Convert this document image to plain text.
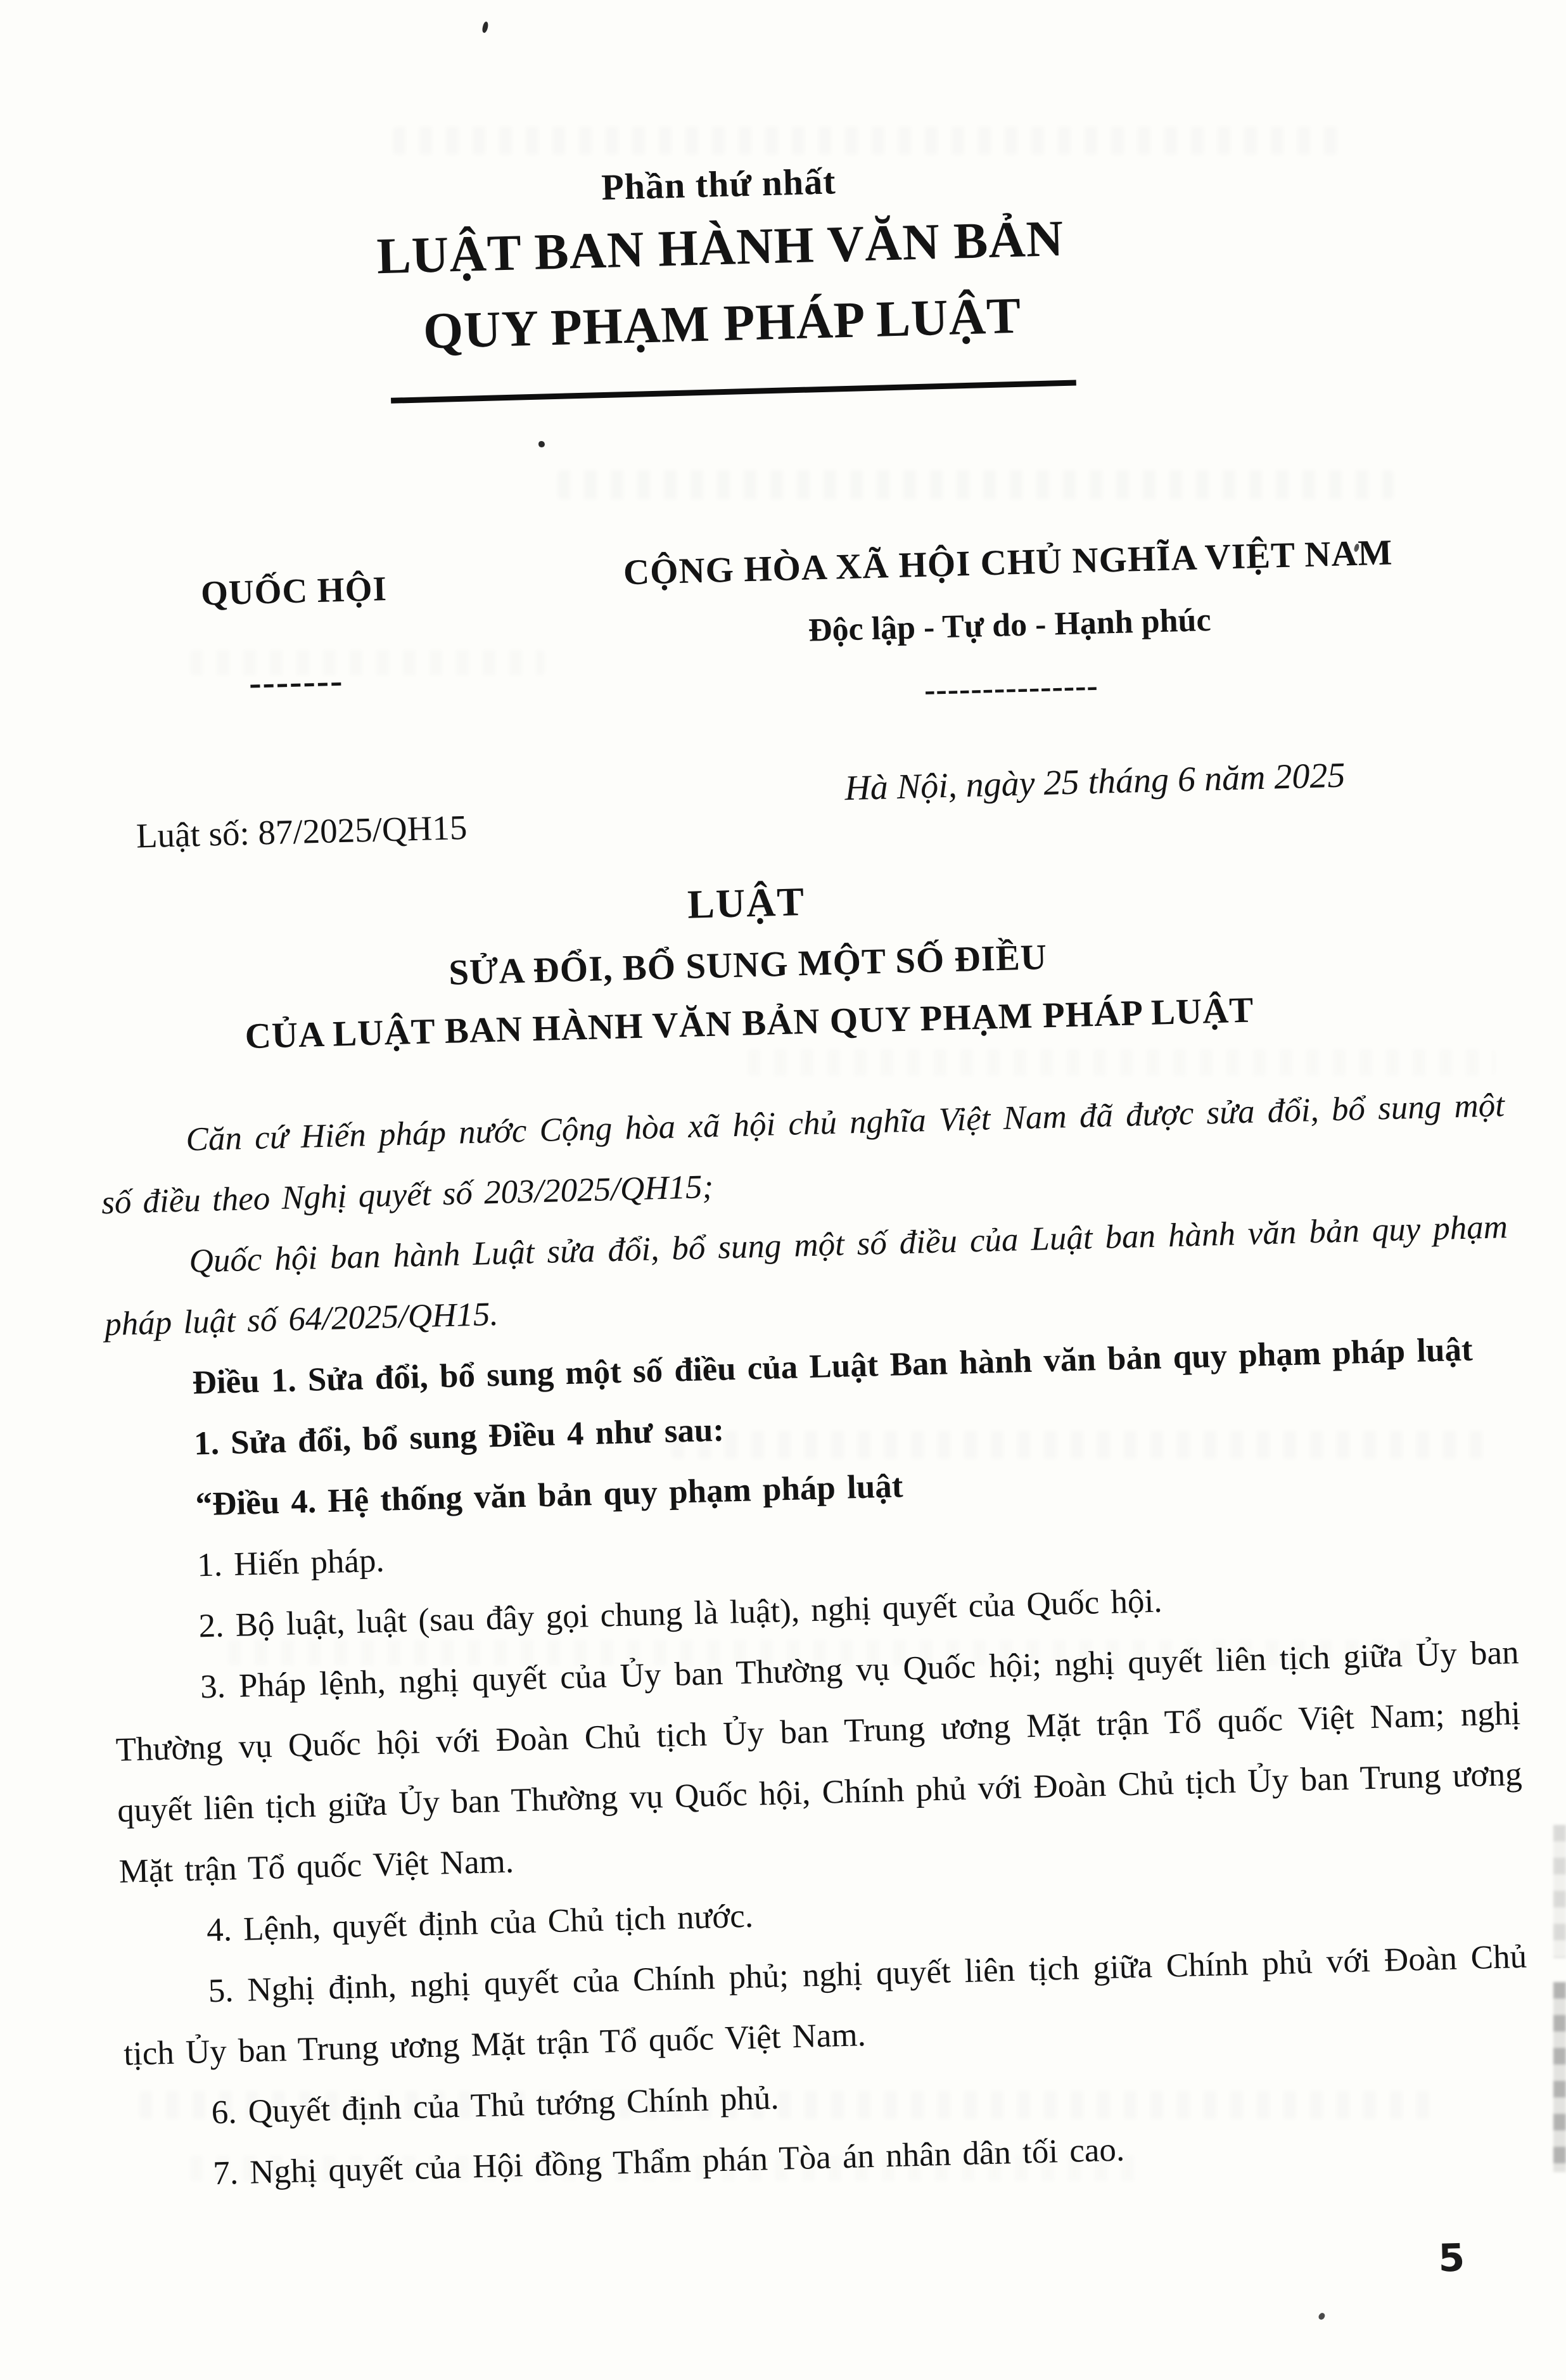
Phần thứ nhất
LUẬT BAN HÀNH VĂN BẢN
QUY PHẠM PHÁP LUẬT
QUỐC HỘI
-------
CỘNG HÒA XÃ HỘI CHỦ NGHĨA VIỆT NAM
Độc lập - Tự do - Hạnh phúc
---------------
Luật số: 87/2025/QH15
Hà Nội, ngày 25 tháng 6 năm 2025
LUẬT
SỬA ĐỔI, BỔ SUNG MỘT SỐ ĐIỀU
CỦA LUẬT BAN HÀNH VĂN BẢN QUY PHẠM PHÁP LUẬT

Căn cứ Hiến pháp nước Cộng hòa xã hội chủ nghĩa Việt Nam đã được sửa đổi, bổ sung một số điều theo Nghị quyết số 203/2025/QH15;

Quốc hội ban hành Luật sửa đổi, bổ sung một số điều của Luật ban hành văn bản quy phạm pháp luật số 64/2025/QH15.

Điều 1. Sửa đổi, bổ sung một số điều của Luật Ban hành văn bản quy phạm pháp luật

1. Sửa đổi, bổ sung Điều 4 như sau:

“Điều 4. Hệ thống văn bản quy phạm pháp luật

1. Hiến pháp.

2. Bộ luật, luật (sau đây gọi chung là luật), nghị quyết của Quốc hội.

3. Pháp lệnh, nghị quyết của Ủy ban Thường vụ Quốc hội; nghị quyết liên tịch giữa Ủy ban Thường vụ Quốc hội với Đoàn Chủ tịch Ủy ban Trung ương Mặt trận Tổ quốc Việt Nam; nghị quyết liên tịch giữa Ủy ban Thường vụ Quốc hội, Chính phủ với Đoàn Chủ tịch Ủy ban Trung ương Mặt trận Tổ quốc Việt Nam.

4. Lệnh, quyết định của Chủ tịch nước.

5. Nghị định, nghị quyết của Chính phủ; nghị quyết liên tịch giữa Chính phủ với Đoàn Chủ tịch Ủy ban Trung ương Mặt trận Tổ quốc Việt Nam.

6. Quyết định của Thủ tướng Chính phủ.

7. Nghị quyết của Hội đồng Thẩm phán Tòa án nhân dân tối cao.

5
